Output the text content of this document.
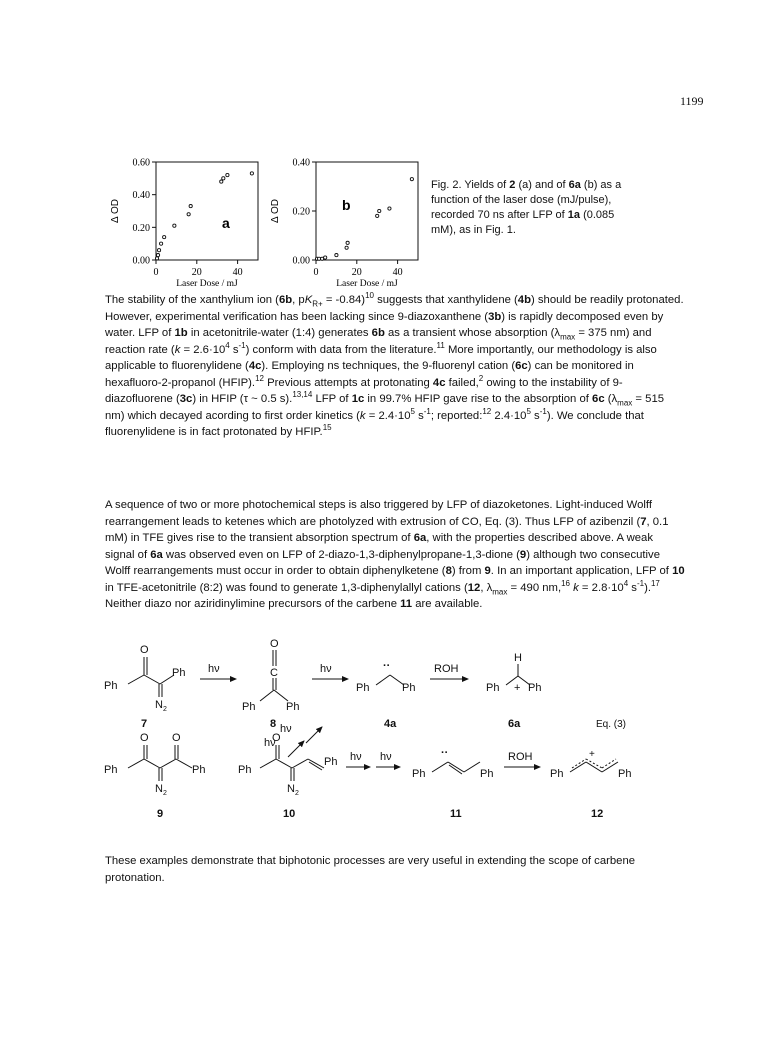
1199
0.00
0.20
0.40
0.60
0	20	40
Laser Dose / mJ
Δ OD
a
0.00
0.20
0.40
0	20	40
Laser Dose / mJ
Δ OD	b
Fig. 2. Yields of 2 (a) and of 6a (b) as a function of the laser dose (mJ/pulse), recorded 70 ns after LFP of 1a (0.085 mM), as in Fig. 1.

The stability of the xanthylium ion (6b, $pK_{R+} = -0.84)^{10}$ suggests that xanthylidene (4b) should be readily protonated. However, experimental verification has been lacking since 9-diazoxanthene (3b) is rapidly decomposed even by water. LFP of 1b in acetonitrile-water (1:4) generates 6b as a transient whose absorption ($\lambda_{max} = 375$ nm) and reaction rate ($k = 2.6\cdot 10^4$ $s^{-1}$) conform with data from the literature.$^{11}$ More importantly, our methodology is also applicable to fluorenylidene (4c). Employing ns techniques, the 9-fluorenyl cation (6c) can be monitored in hexafluoro-2-propanol (HFIP).$^{12}$ Previous attempts at protonating 4c failed,$^2$ owing to the instability of 9-diazofluorene (3c) in HFIP (τ ~ 0.5 s).$^{13,14}$ LFP of 1c in 99.7% HFIP gave rise to the absorption of 6c ($\lambda_{max} = 515$ nm) which decayed acording to first order kinetics ($k = 2.4\cdot 10^5$ $s^{-1}$; reported:$^{12}$ $2.4\cdot 10^5$ $s^{-1}$). We conclude that fluorenylidene is in fact protonated by HFIP.$^{15}$

A sequence of two or more photochemical steps is also triggered by LFP of diazoketones. Light-induced Wolff rearrangement leads to ketenes which are photolyzed with extrusion of CO, Eq. (3). Thus LFP of azibenzil (7, 0.1 mM) in TFE gives rise to the transient absorption spectrum of 6a, with the properties described above. A weak signal of 6a was observed even on LFP of 2-diazo-1,3-diphenylpropane-1,3-dione (9) although two consecutive Wolff rearrangements must occur in order to obtain diphenylketene (8) from 9. In an important application, LFP of 10 in TFE-acetonitrile (8:2) was found to generate 1,3-diphenylallyl cations (12, $\lambda_{max} = 490$ nm,$^{16}$ $k = 2.8\cdot 10^4$ $s^{-1}).^{17}$ Neither diazo nor aziridinylimine precursors of the carbene 11 are available.

O
Ph
Ph
N 2
7
hν	hν
O
C
Ph	Ph
8
··
Ph	Ph
4a
ROH
H
Ph + Ph
6a	Eq. (3)
hν
hν
O O
Ph	Ph
N 2
9
O
Ph
Ph
N 2
10
hν hν	··
Ph	Ph
11
ROH
Ph
+
Ph
12

These examples demonstrate that biphotonic processes are very useful in extending the scope of carbene protonation.
